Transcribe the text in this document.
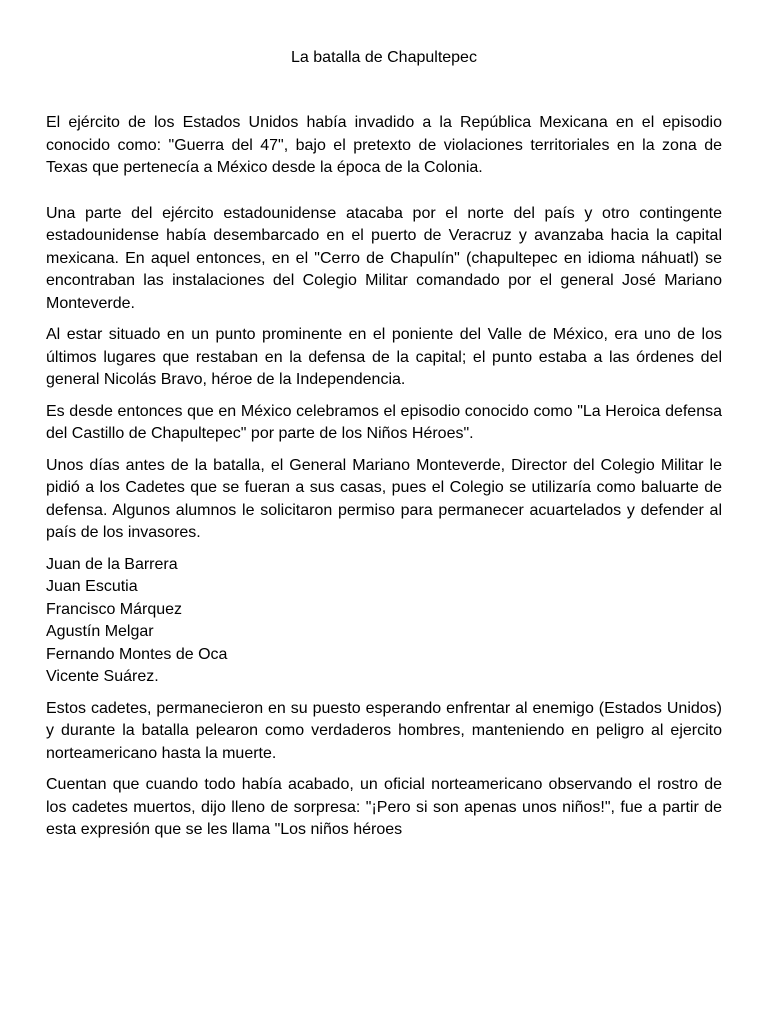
La batalla de Chapultepec

El ejército de los Estados Unidos había invadido a la República Mexicana en el episodio conocido como: "Guerra del 47", bajo el pretexto de violaciones territoriales en la zona de Texas que pertenecía a México desde la época de la Colonia.

Una parte del ejército estadounidense atacaba por el norte del país y otro contingente estadounidense había desembarcado en el puerto de Veracruz y avanzaba hacia la capital mexicana. En aquel entonces, en el "Cerro de Chapulín" (chapultepec en idioma náhuatl) se encontraban las instalaciones del Colegio Militar comandado por el general José Mariano Monteverde.

Al estar situado en un punto prominente en el poniente del Valle de México, era uno de los últimos lugares que restaban en la defensa de la capital; el punto estaba a las órdenes del general Nicolás Bravo, héroe de la Independencia.

Es desde entonces que en México celebramos el episodio conocido como "La Heroica defensa del Castillo de Chapultepec" por parte de los Niños Héroes".

Unos días antes de la batalla, el General Mariano Monteverde, Director del Colegio Militar le pidió a los Cadetes que se fueran a sus casas, pues el Colegio se utilizaría como baluarte de defensa. Algunos alumnos le solicitaron permiso para permanecer acuartelados y defender al país de los invasores.

Juan de la Barrera
Juan Escutia
Francisco Márquez
Agustín Melgar
Fernando Montes de Oca
Vicente Suárez.

Estos cadetes, permanecieron en su puesto esperando enfrentar al enemigo (Estados Unidos) y durante la batalla pelearon como verdaderos hombres, manteniendo en peligro al ejercito norteamericano hasta la muerte.

Cuentan que cuando todo había acabado, un oficial norteamericano observando el rostro de los cadetes muertos, dijo lleno de sorpresa: "¡Pero si son apenas unos niños!", fue a partir de esta expresión que se les llama "Los niños héroes
